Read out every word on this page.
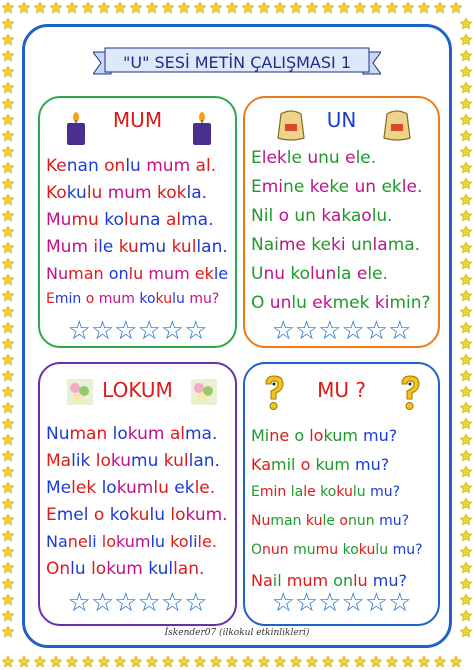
"U" SESİ METİN ÇALIŞMASI 1
MUM
☆☆☆☆☆☆
Kenan onlu mum al.
Kokulu mum kokla.
Mumu koluna alma.
Mum ile kumu kullan.
Numan onlu mum ekle
Emin o mum kokulu mu?
UN
☆☆☆☆☆☆
Elekle unu ele.
Emine keke un ekle.
Nil o un kakaolu.
Naime keki unlama.
Unu kolunla ele.
O unlu ekmek kimin?
LOKUM
☆☆☆☆☆☆
Numan lokum alma.
Malik lokumu kullan.
Melek lokumlu ekle.
Emel o kokulu lokum.
Naneli lokumlu kolile.
Onlu lokum kullan.
MU ?
☆☆☆☆☆☆
Mine o lokum mu?
Kamil o kum mu?
Emin lale kokulu mu?
Numan kule onun mu?
Onun mumu kokulu mu?
Nail mum onlu mu?
İskender07 (ilkokul etkinlikleri)
